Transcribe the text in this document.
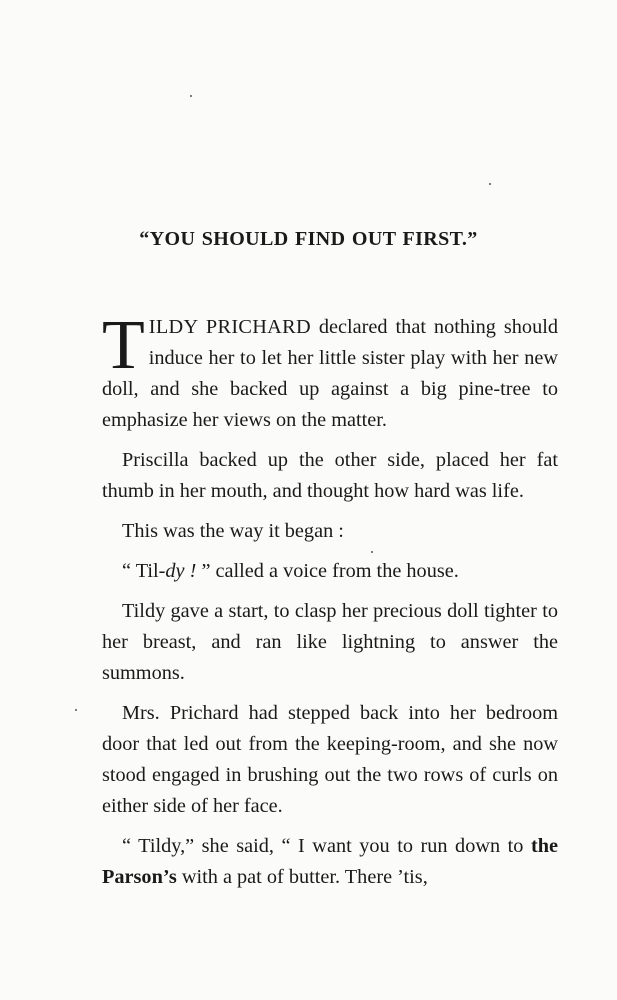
“YOU SHOULD FIND OUT FIRST.”

TILDY PRICHARD declared that nothing should induce her to let her little sister play with her new doll, and she backed up against a big pine-tree to emphasize her views on the matter.

Priscilla backed up the other side, placed her fat thumb in her mouth, and thought how hard was life.

This was the way it began :

“ Til-dy ! ” called a voice from the house.

Tildy gave a start, to clasp her precious doll tighter to her breast, and ran like lightning to answer the summons.

Mrs. Prichard had stepped back into her bedroom door that led out from the keeping-room, and she now stood engaged in brushing out the two rows of curls on either side of her face.

“ Tildy,” she said, “ I want you to run down to the Parson’s with a pat of butter. There ’tis,
